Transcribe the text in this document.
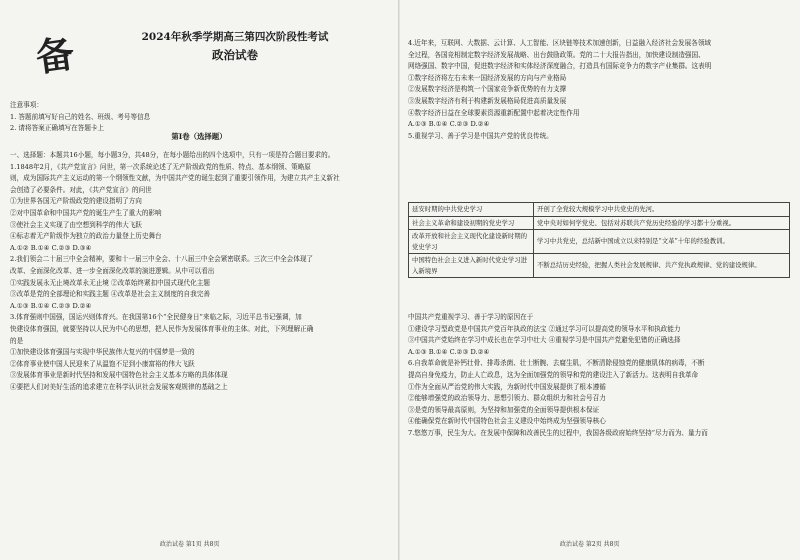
备	2024年秋季学期高三第四次阶段性考试
政治试卷
注意事项：
1. 答题前填写好自己的姓名、班级、考号等信息
2. 请将答案正确填写在答题卡上
第Ⅰ卷（选择题）
一、选择题：本题共16小题，每小题3分，共48分，在每小题给出的四个选项中，只有一项是符合题目要求的。
1.1848年2月，《共产党宣言》问世，第一次系统论述了无产阶级政党的性质、特点、基本纲领、策略原
则，成为国际共产主义运动的第一个纲领性文献，为中国共产党的诞生起到了重要引领作用，为建立共产主义新社
会创造了必要条件。对此，《共产党宣言》的问世
①为世界各国无产阶级政党的建设指明了方向
②对中国革命和中国共产党的诞生产生了重大的影响
③使社会主义实现了由空想到科学的伟大飞跃
④标志着无产阶级作为独立的政治力量登上历史舞台
A.①② B.①④ C.②③ D.③④
2.我们领会二十届三中全会精神，要和十一届三中全会、十八届三中全会紧密联系。三次三中全会体现了
改革、全面深化改革、进一步全面深化改革的演进逻辑。从中可以看出
①实践发展永无止境改革永无止境 ②改革始终紧扣中国式现代化主题
③改革是党的全部理论和实践主题 ④改革是社会主义制度的自我完善
A.①③ B.①④ C.②③ D.②④
3.体育强则中国强，国运兴则体育兴。在我国第16个“全民健身日”来临之际，习近平总书记强调，加
快建设体育强国，就要坚持以人民为中心的思想，把人民作为发展体育事业的主体。对此，下列理解正确
的是
①加快建设体育强国与实现中华民族伟大复兴的中国梦是一致的
②体育事业使中国人民迎来了从温饱不足到小康富裕的伟大飞跃
③发展体育事业是新时代坚持和发展中国特色社会主义基本方略的具体体现
④要把人们对美好生活的追求建立在科学认识社会发展客观规律的基础之上
政治试卷 第1页 共8页
4.近年来，互联网、大数据、云计算、人工智能、区块链等技术加速创新，日益融入经济社会发展各领域
全过程，各国竞相制定数字经济发展战略、出台鼓励政策。党的二十大报告指出，加快建设制造强国、
网络强国、数字中国，促进数字经济和实体经济深度融合，打造具有国际竞争力的数字产业集群。这表明
①数字经济将左右未来一国经济发展的方向与产业格局
②发展数字经济是构筑一个国家竞争新优势的有力支撑
③发展数字经济有利于构建新发展格局促进高质量发展
④数字经济日益在全球要素资源重新配置中起着决定性作用
A.①③ B.①④ C.②③ D.②④
5.重视学习、善于学习是中国共产党的优良传统。
延安时期的中共党史学习	开创了全党较大规模学习中共党史的先河。
社会主义革命和建设初期的党史学习	党中央对如何学党史、包括对苏联共产党历史经验的学习都十分重视。
改革开放和社会主义现代化建设新时期的党史学习	学习中共党史，总结新中国成立以来特别是“文革”十年的经验教训。
中国特色社会主义进入新时代党史学习进入新境界	不断总结历史经验，把握人类社会发展规律、共产党执政规律、党的建设规律。
中国共产党重视学习、善于学习的原因在于
①建设学习型政党是中国共产党百年执政的法宝 ②通过学习可以提高党的领导水平和执政能力
③中国共产党始终在学习中成长也在学习中壮大 ④重视学习是中国共产党避免犯错的正确选择
A.①③ B.①④ C.②③ D.②④
6.自我革命就是补钙壮骨、排毒杀菌、壮士断腕、去腐生肌，不断清除侵蚀党的健康肌体的病毒，不断
提高自身免疫力，防止人亡政息，这为全面加强党的领导和党的建设注入了新活力。这表明自我革命
①作为全面从严治党的伟大实践，为新时代中国发展提供了根本遵循
②能够增强党的政治领导力、思想引领力、群众组织力和社会号召力
③是党的领导最高原则，为坚持和加强党的全面领导提供根本保证
④能确保党在新时代中国特色社会主义建设中始终成为坚强领导核心
7.悠悠万事，民生为大。在发展中保障和改善民生的过程中，我国各级政府始终坚持“尽力而为、量力而
政治试卷 第2页 共8页
